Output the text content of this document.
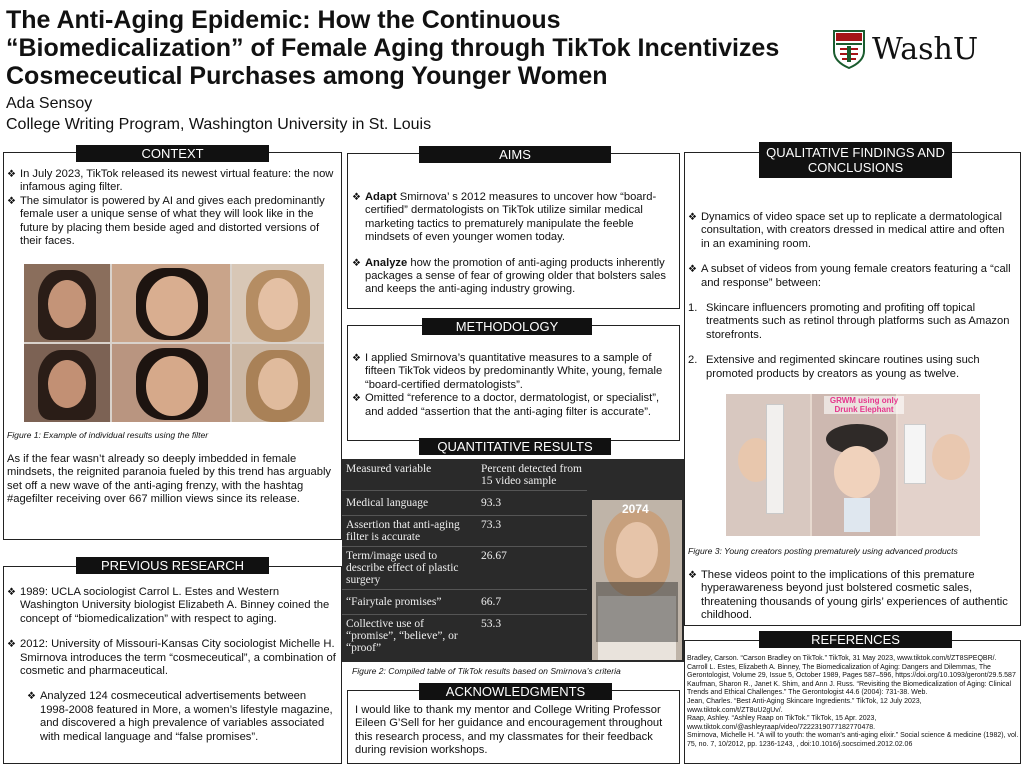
The Anti-Aging Epidemic: How the Continuous
“Biomedicalization” of Female Aging through TikTok Incentivizes
Cosmeceutical Purchases among Younger Women
Ada Sensoy
College Writing Program, Washington University in St. Louis
WashU
CONTEXT
❖ In July 2023, TikTok released its newest virtual feature: the now infamous aging filter.
❖ The simulator is powered by AI and gives each predominantly female user a unique sense of what they will look like in the future by placing them beside aged and distorted versions of their faces.
Figure 1: Example of individual results using the filter
As if the fear wasn’t already so deeply imbedded in female mindsets, the reignited paranoia fueled by this trend has arguably set off a new wave of the anti-aging frenzy, with the hashtag #agefilter receiving over 667 million views since its release.
PREVIOUS RESEARCH
❖ 1989: UCLA sociologist Carrol L. Estes and Western Washington University biologist Elizabeth A. Binney coined the concept of “biomedicalization” with respect to aging.
❖ 2012: University of Missouri-Kansas City sociologist Michelle H. Smirnova introduces the term “cosmeceutical”, a combination of cosmetic and pharmaceutical.
❖ Analyzed 124 cosmeceutical advertisements between 1998-2008 featured in More, a women’s lifestyle magazine, and discovered a high prevalence of variables associated with medical language and “false promises”.
AIMS
❖ Adapt Smirnova’ s 2012 measures to uncover how “board-certified” dermatologists on TikTok utilize similar medical marketing tactics to prematurely manipulate the feeble mindsets of even younger women today.
❖ Analyze how the promotion of anti-aging products inherently packages a sense of fear of growing older that bolsters sales and keeps the anti-aging industry growing.
METHODOLOGY
❖ I applied Smirnova’s quantitative measures to a sample of fifteen TikTok videos by predominantly White, young, female “board-certified dermatologists”.
❖ Omitted “reference to a doctor, dermatologist, or specialist”, and added “assertion that the anti-aging filter is accurate”.
QUANTITATIVE RESULTS
Measured variable	Percent detected from 15 video sample
Medical language	93.3
Assertion that anti-aging filter is accurate	73.3
Term/image used to describe effect of plastic surgery	26.67
“Fairytale promises”	66.7
Collective use of “promise”, “believe”, or “proof”	53.3
2074
Figure 2: Compiled table of TikTok results based on Smirnova’s criteria
ACKNOWLEDGMENTS
I would like to thank my mentor and College Writing Professor Eileen G’Sell for her guidance and encouragement throughout this research process, and my classmates for their feedback during revision workshops.
QUALITATIVE FINDINGS AND
CONCLUSIONS
❖ Dynamics of video space set up to replicate a dermatological consultation, with creators dressed in medical attire and often in an examining room.
❖ A subset of videos from young female creators featuring a “call and response” between:
1. Skincare influencers promoting and profiting off topical treatments such as retinol through platforms such as Amazon storefronts.
2. Extensive and regimented skincare routines using such promoted products by creators as young as twelve.
GRWM using only Drunk Elephant
Figure 3: Young creators posting prematurely using advanced products
❖ These videos point to the implications of this premature hyperawareness beyond just bolstered cosmetic sales, threatening thousands of young girls’ experiences of authentic childhood.
REFERENCES
Bradley, Carson. “Carson Bradley on TikTok.” TikTok, 31 May 2023, www.tiktok.com/t/ZT8SPEQBR/.
Carroll L. Estes, Elizabeth A. Binney, The Biomedicalization of Aging: Dangers and Dilemmas, The Gerontologist, Volume 29, Issue 5, October 1989, Pages 587–596, https://doi.org/10.1093/geront/29.5.587
Kaufman, Sharon R., Janet K. Shim, and Ann J. Russ. “Revisiting the Biomedicalization of Aging: Clinical Trends and Ethical Challenges.” The Gerontologist 44.6 (2004): 731-38. Web.
Jean, Charles. “Best Anti-Aging Skincare Ingredients.” TikTok, 12 July 2023, www.tiktok.com/t/ZT8uU2gUv/.
Raap, Ashley. “Ashley Raap on TikTok.” TikTok, 15 Apr. 2023, www.tiktok.com/@ashleyraap/video/7222319077182770478.
Smirnova, Michelle H. “A will to youth: the woman’s anti-aging elixir.” Social science & medicine (1982), vol. 75, no. 7, 10/2012, pp. 1236-1243, , doi:10.1016/j.socscimed.2012.02.06
